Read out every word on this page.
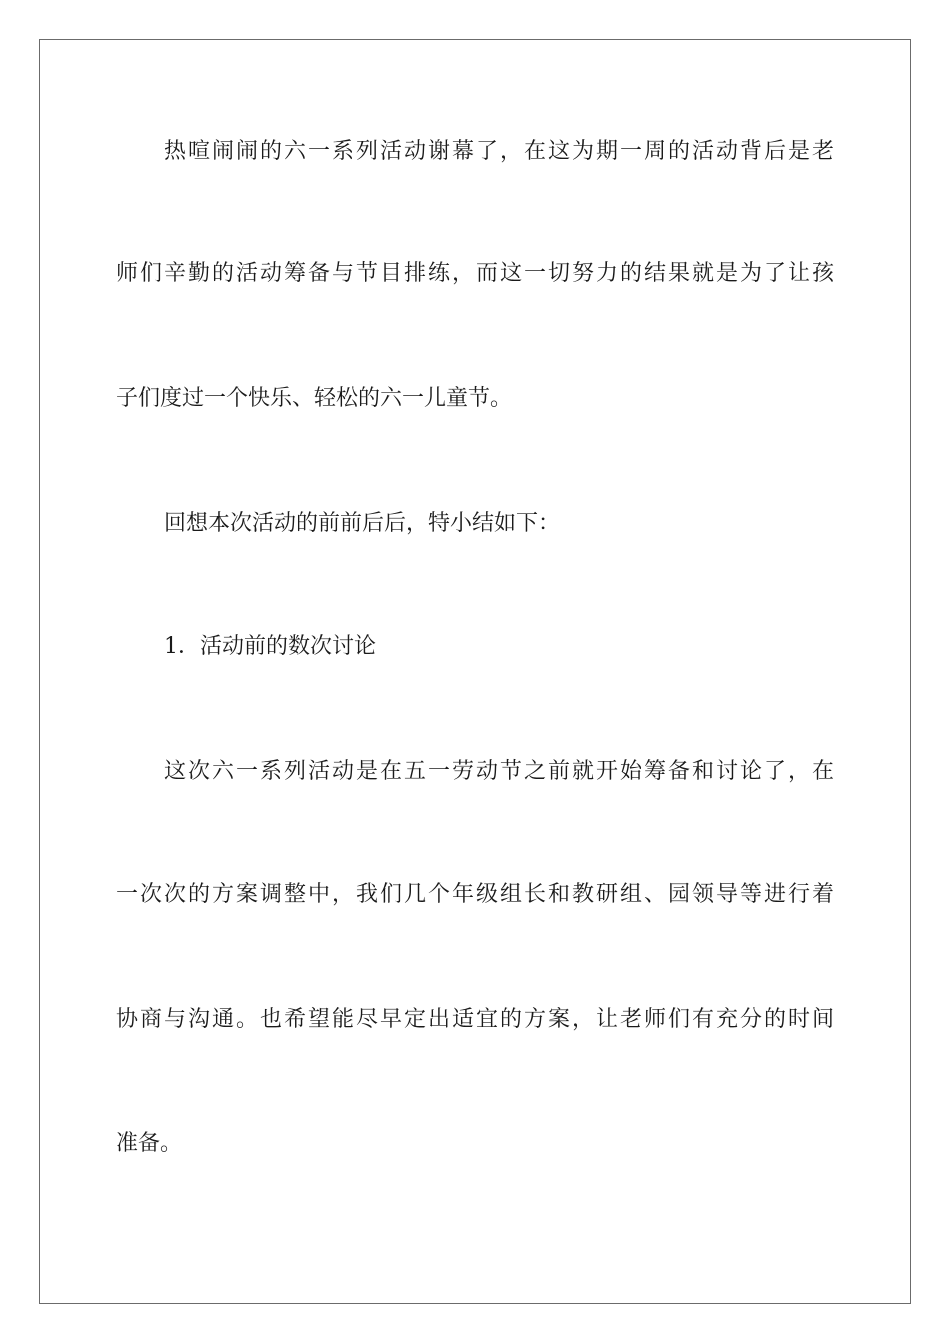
热喧闹闹的六一系列活动谢幕了，在这为期一周的活动背后是老
师们辛勤的活动筹备与节目排练，而这一切努力的结果就是为了让孩
子们度过一个快乐、轻松的六一儿童节。
回想本次活动的前前后后，特小结如下：
1．活动前的数次讨论
这次六一系列活动是在五一劳动节之前就开始筹备和讨论了，在
一次次的方案调整中，我们几个年级组长和教研组、园领导等进行着
协商与沟通。也希望能尽早定出适宜的方案，让老师们有充分的时间
准备。
